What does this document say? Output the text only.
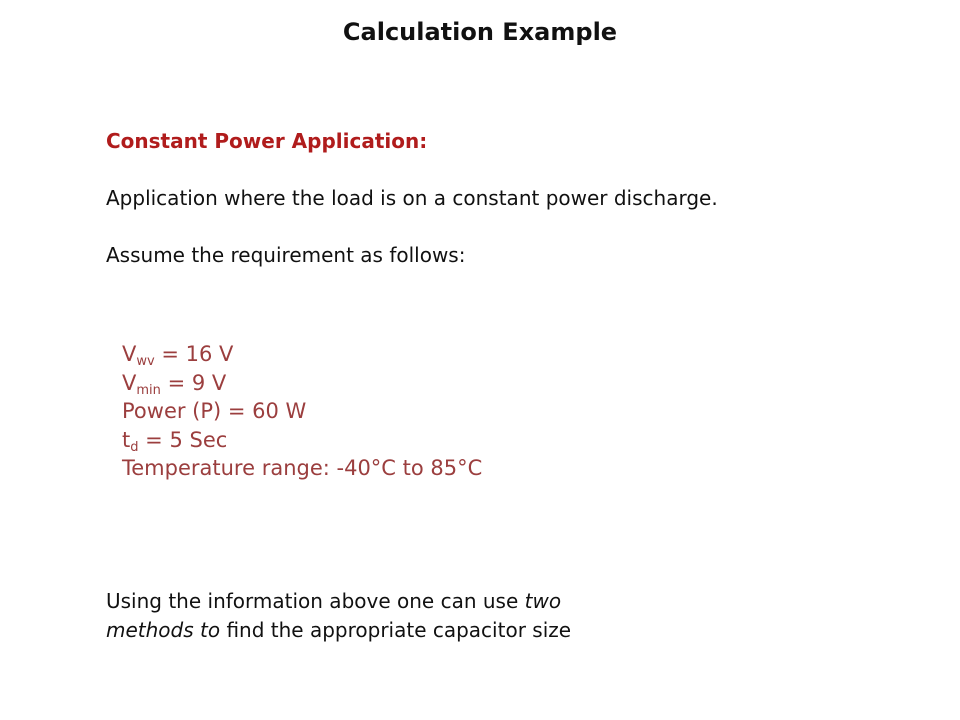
Calculation Example
Constant Power Application:
Application where the load is on a constant power discharge.
Assume the requirement as follows:
$V_{wv} = 16$ V
$V_{min} = 9$ V
Power (P) = 60 W
$t_d = 5$ Sec
Temperature range: -40°C to 85°C
Using the information above one can use two
methods to find the appropriate capacitor size
